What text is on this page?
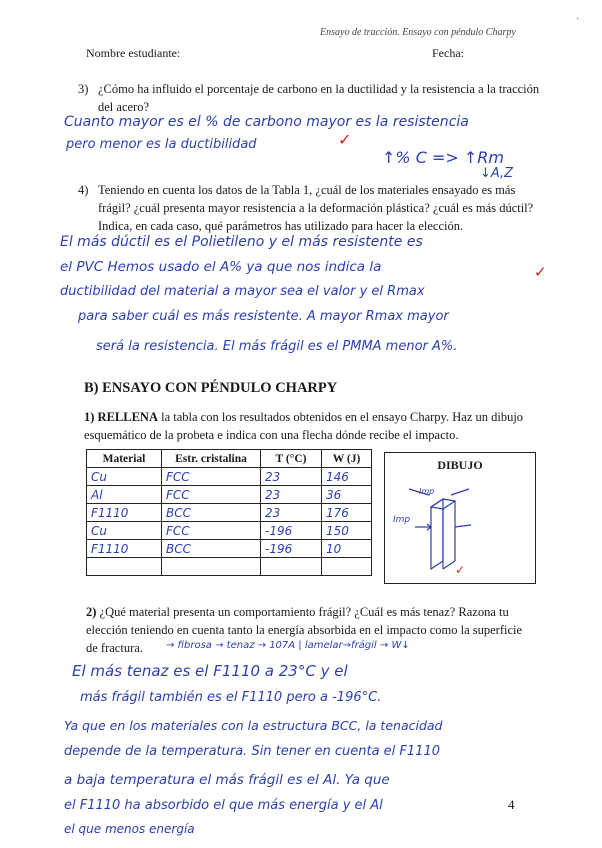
Ensayo de tracción. Ensayo con péndulo Charpy
Nombre estudiante:	Fecha:
·
3) ¿Cómo ha influido el porcentaje de carbono en la ductilidad y la resistencia a la tracción
del acero?
Cuanto mayor es el % de carbono mayor es la resistencia
pero menor es la ductibilidad	✓
↑% C => ↑Rm
↓A,Z
4) Teniendo en cuenta los datos de la Tabla 1, ¿cuál de los materiales ensayado es más
frágil? ¿cuál presenta mayor resistencia a la deformación plástica? ¿cuál es más dúctil?
Indica, en cada caso, qué parámetros has utilizado para hacer la elección.
El más dúctil es el Polietileno y el más resistente es
el PVC Hemos usado el A% ya que nos indica la
ductibilidad del material a mayor sea el valor y el Rmax
para saber cuál es más resistente. A mayor Rmax mayor
será la resistencia. El más frágil es el PMMA menor A%.
✓
B) ENSAYO CON PÉNDULO CHARPY
1) RELLENA la tabla con los resultados obtenidos en el ensayo Charpy. Haz un dibujo
esquemático de la probeta e indica con una flecha dónde recibe el impacto.
Material	Estr. cristalina	T (°C)	W (J)
Cu	FCC	23	146
Al	FCC	23	36
F1110	BCC	23	176
Cu	FCC	-196	150
F1110	BCC	-196	10

DIBUJO
Imp
Imp
✓
2) ¿Qué material presenta un comportamiento frágil? ¿Cuál es más tenaz? Razona tu
elección teniendo en cuenta tanto la energía absorbida en el impacto como la superficie
de fractura.	→ fibrosa → tenaz → 107A | lamelar→frágil → W↓
El más tenaz es el F1110 a 23°C y el
más frágil también es el F1110 pero a -196°C.
Ya que en los materiales con la estructura BCC, la tenacidad
depende de la temperatura. Sin tener en cuenta el F1110
a baja temperatura el más frágil es el Al. Ya que
el F1110 ha absorbido el que más energía y el Al
el que menos energía
4
